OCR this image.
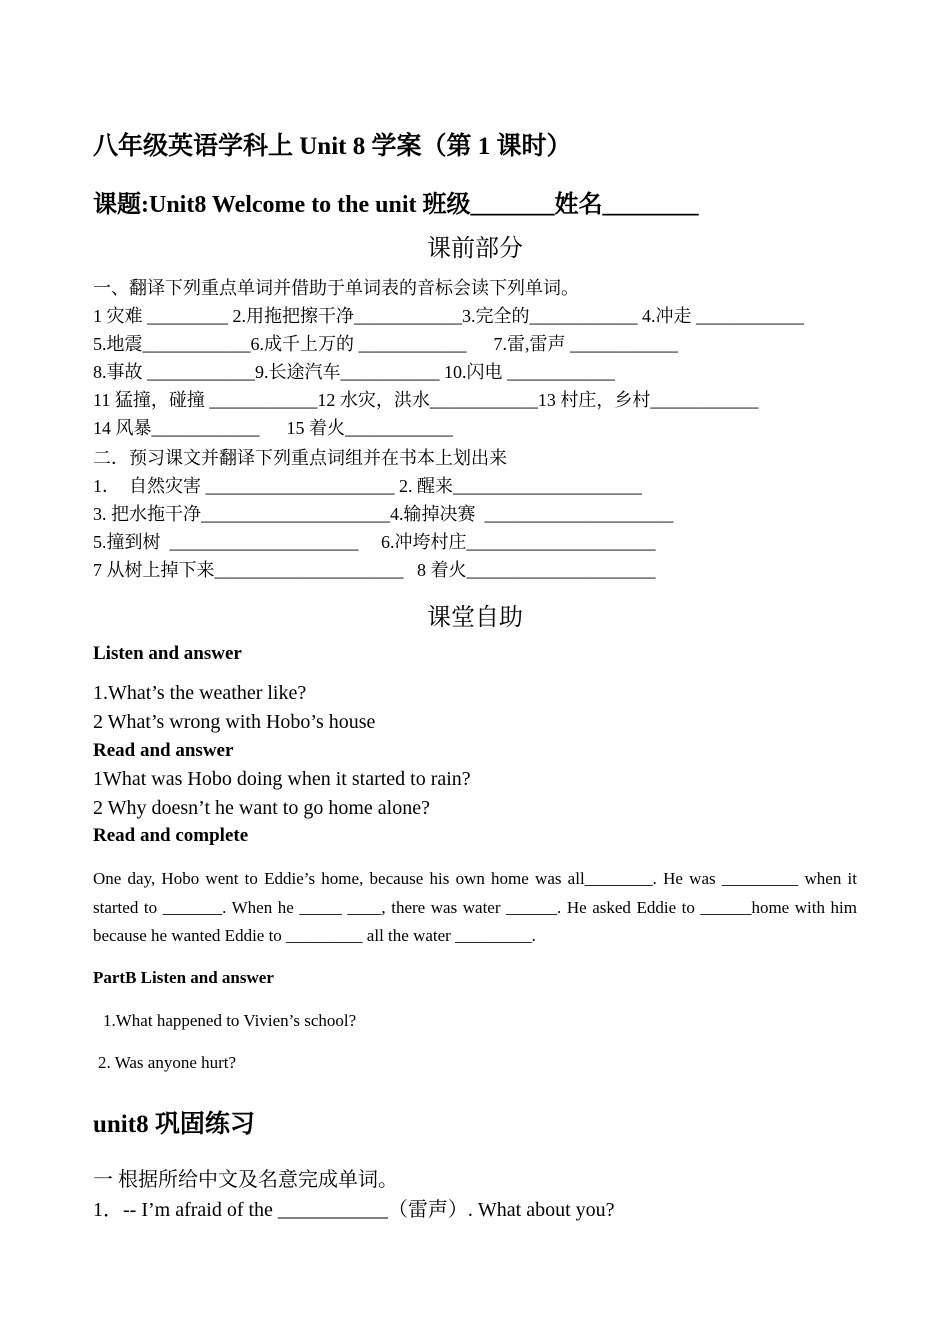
八年级英语学科上 Unit 8 学案（第 1 课时）
课题:Unit8 Welcome to the unit 班级_______姓名________
课前部分
一、翻译下列重点单词并借助于单词表的音标会读下列单词。
1 灾难 _________ 2.用拖把擦干净____________3.完全的____________ 4.冲走 ____________
5.地震____________6.成千上万的 ____________      7.雷,雷声 ____________
8.事故 ____________9.长途汽车___________ 10.闪电 ____________
11 猛撞，碰撞 ____________12 水灾，洪水____________13 村庄，乡村____________
14 风暴____________      15 着火____________
二．预习课文并翻译下列重点词组并在书本上划出来
1．  自然灾害 _____________________ 2. 醒来_____________________
3. 把水拖干净_____________________4.输掉决赛  _____________________
5.撞到树  _____________________     6.冲垮村庄_____________________
7 从树上掉下来_____________________   8 着火_____________________
课堂自助
Listen and answer
1.What’s the weather like?
2 What’s wrong with Hobo’s house
Read and answer
1What was Hobo doing when it started to rain?
2 Why doesn’t he want to go home alone?
Read and complete
One day, Hobo went to Eddie’s home, because his own home was all________. He was _________ when it started to _______. When he _____ ____, there was water ______. He asked Eddie to ______home with him because he wanted Eddie to _________ all the water _________.
PartB Listen and answer
1.What happened to Vivien’s school?
2. Was anyone hurt?
unit8 巩固练习
一 根据所给中文及名意完成单词。
1．-- I’m afraid of the ___________（雷声）. What about you?
